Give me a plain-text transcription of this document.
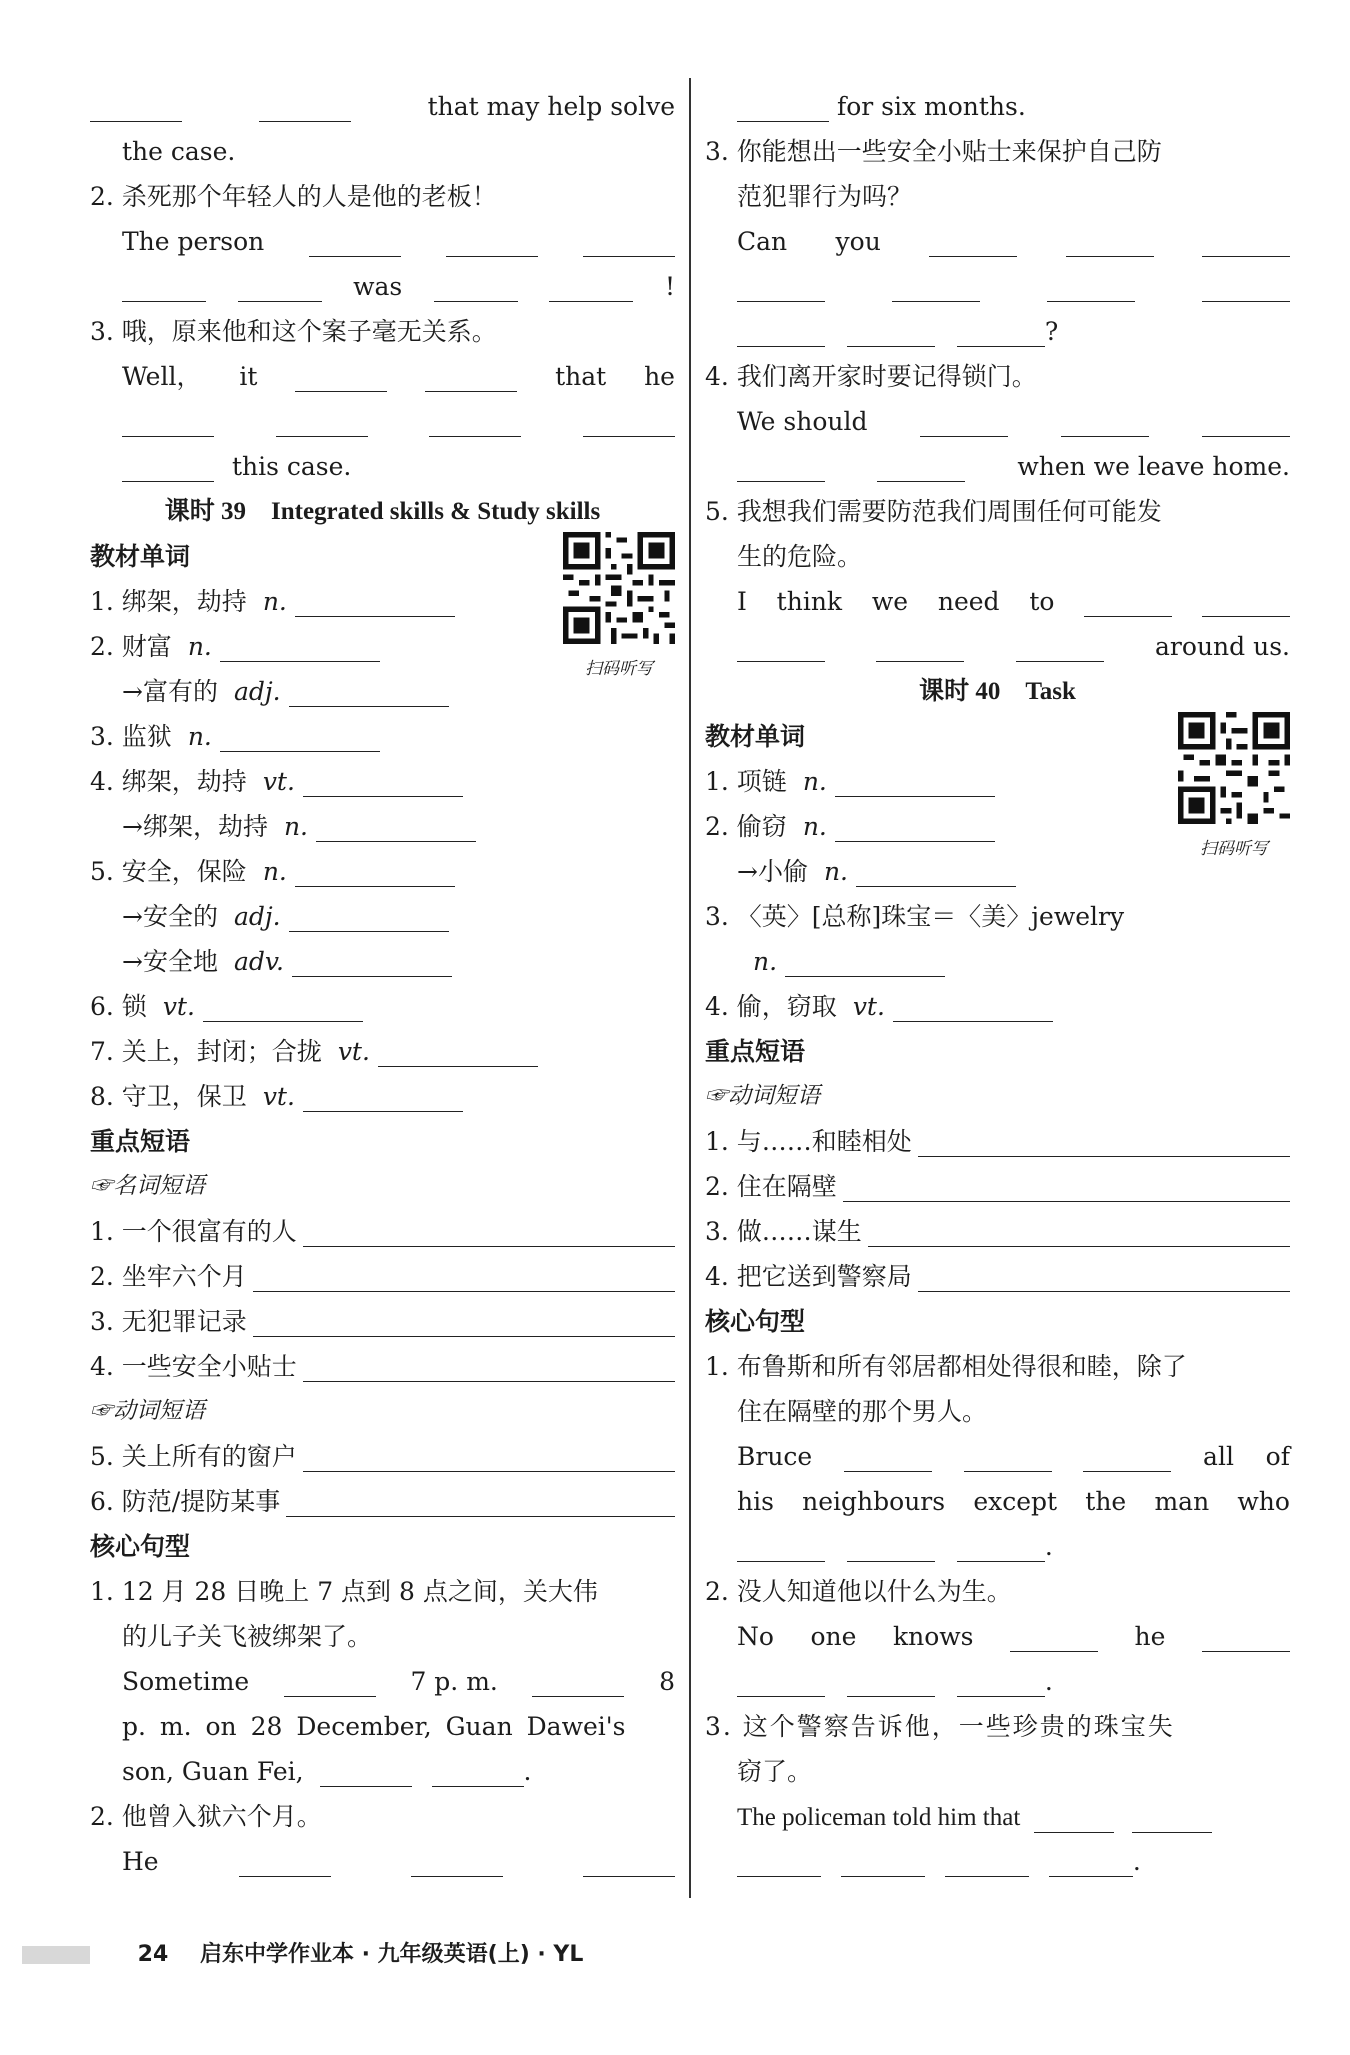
that may help solve
the case.
2. 杀死那个年轻人的人是他的老板！
The person
was	!
3. 哦，原来他和这个案子毫无关系。
Well， it	that he
this case.
课时 39　Integrated skills & Study skills
扫码听写
教材单词
1. 绑架，劫持 n.
2. 财富 n.
→富有的 adj.
3. 监狱 n.
4. 绑架，劫持 vt.
→绑架，劫持 n.
5. 安全，保险 n.
→安全的 adj.
→安全地 adv.
6. 锁 vt.
7. 关上，封闭；合拢 vt.
8. 守卫，保卫 vt.
重点短语
☞名词短语
1. 一个很富有的人
2. 坐牢六个月
3. 无犯罪记录
4. 一些安全小贴士
☞动词短语
5. 关上所有的窗户
6. 防范/提防某事
核心句型
1. 12 月 28 日晚上 7 点到 8 点之间，关大伟
的儿子关飞被绑架了。
Sometime	7 p. m.	8
p. m. on 28 December, Guan Dawei's
son, Guan Fei,	.
2. 他曾入狱六个月。
He
for six months.
3. 你能想出一些安全小贴士来保护自己防
范犯罪行为吗？
Can you
?
4. 我们离开家时要记得锁门。
We should
when we leave home.
5. 我想我们需要防范我们周围任何可能发
生的危险。
I think we need to
around us.
课时 40　Task
扫码听写
教材单词
1. 项链 n.
2. 偷窃 n.
→小偷 n.
3. 〈英〉[总称]珠宝＝〈美〉jewelry
n.
4. 偷，窃取 vt.
重点短语
☞动词短语
1. 与……和睦相处
2. 住在隔壁
3. 做……谋生
4. 把它送到警察局
核心句型
1. 布鲁斯和所有邻居都相处得很和睦，除了
住在隔壁的那个男人。
Bruce	all of
his neighbours except the man who
.
2. 没人知道他以什么为生。
No one knows	he
.
3. 这个警察告诉他，一些珍贵的珠宝失
窃了。
The policeman told him that
.
24 启东中学作业本 · 九年级英语(上) · YL
